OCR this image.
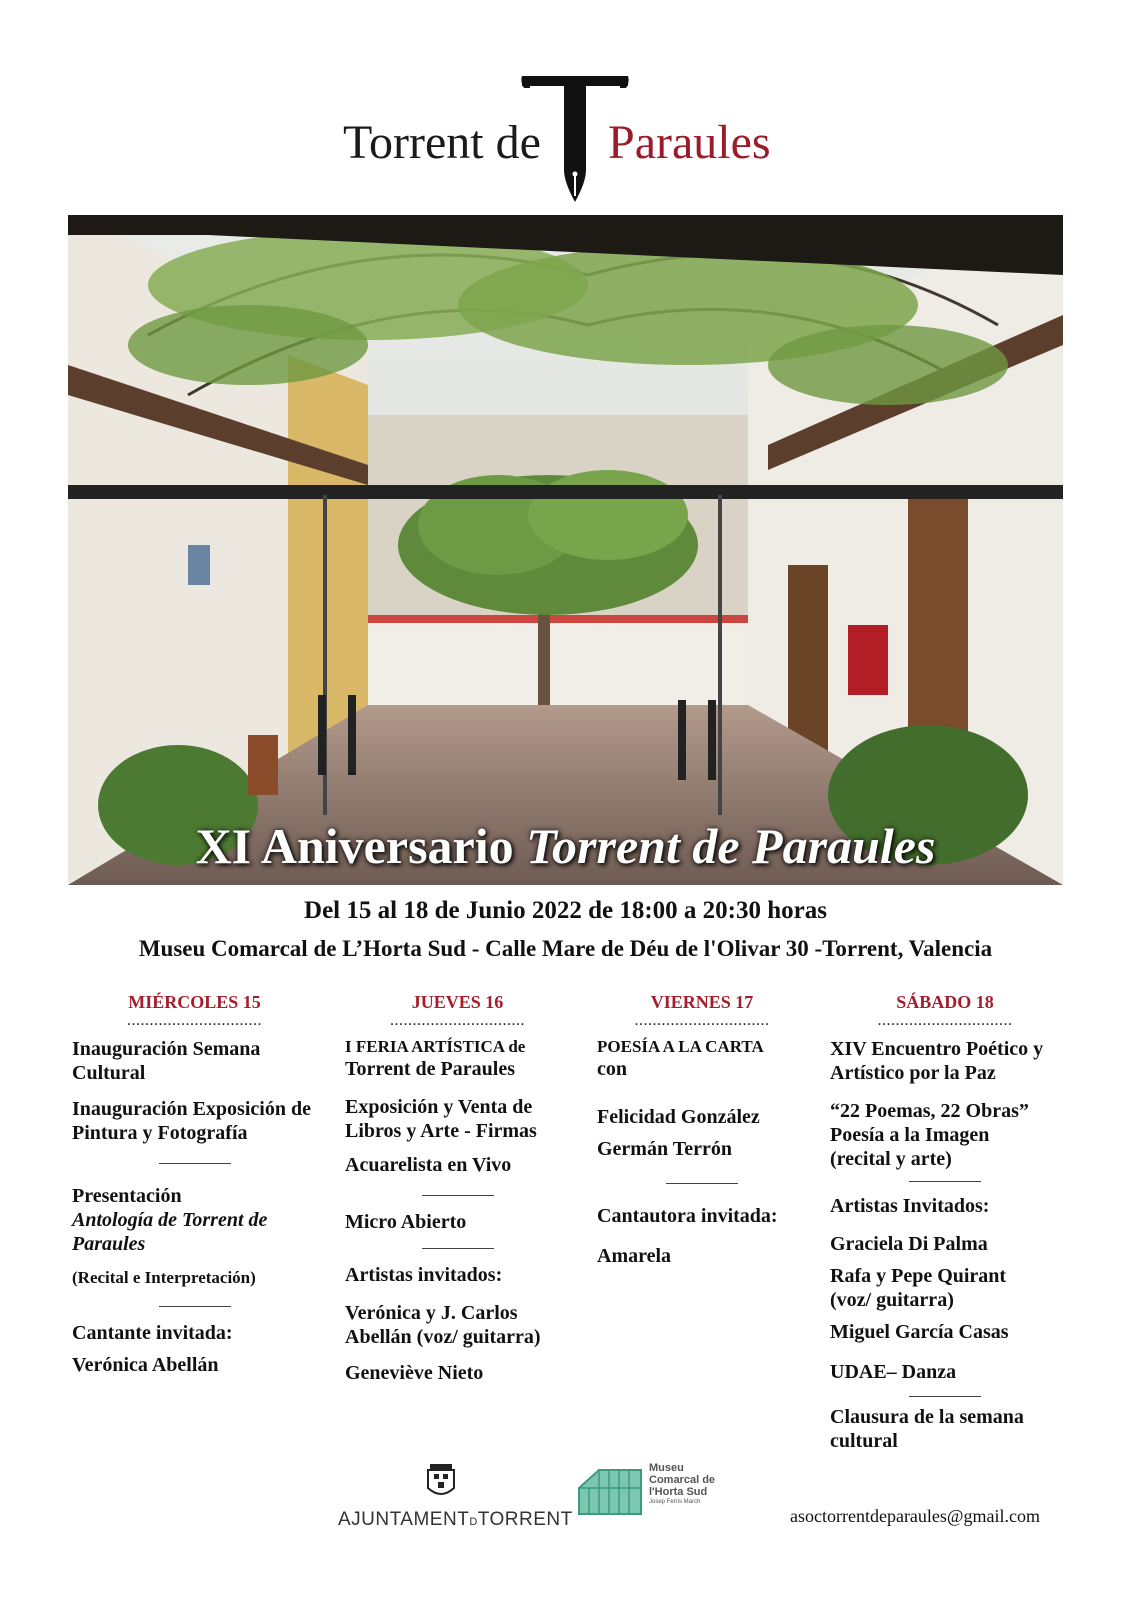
Torrent de Paraules
XI Aniversario Torrent de Paraules
Del 15 al 18 de Junio 2022 de 18:00 a 20:30 horas
Museu Comarcal de L’Horta Sud - Calle Mare de Déu de l'Olivar 30 -Torrent, Valencia
MIÉRCOLES 15
..............................
Inauguración Semana Cultural
Inauguración Exposición de Pintura y Fotografía
Presentación
Antología de Torrent de Paraules
(Recital e Interpretación)
Cantante invitada:
Verónica Abellán
JUEVES 16
..............................
I FERIA ARTÍSTICA de
Torrent de Paraules
Exposición y Venta de Libros y Arte - Firmas
Acuarelista en Vivo
Micro Abierto
Artistas invitados:
Verónica y J. Carlos Abellán (voz/ guitarra)
Geneviève Nieto
VIERNES 17
..............................
POESÍA A LA CARTA
con
Felicidad González
Germán Terrón
Cantautora invitada:
Amarela
SÁBADO 18
..............................
XIV Encuentro Poético y Artístico por la Paz
“22 Poemas, 22 Obras” Poesía a la Imagen (recital y arte)
Artistas Invitados:
Graciela Di Palma
Rafa y Pepe Quirant (voz/ guitarra)
Miguel García Casas
UDAE– Danza
Clausura de la semana cultural
AJUNTAMENTDTORRENT
Museu
Comarcal de
l'Horta Sud
Josep Ferris March
asoctorrentdeparaules@gmail.com
